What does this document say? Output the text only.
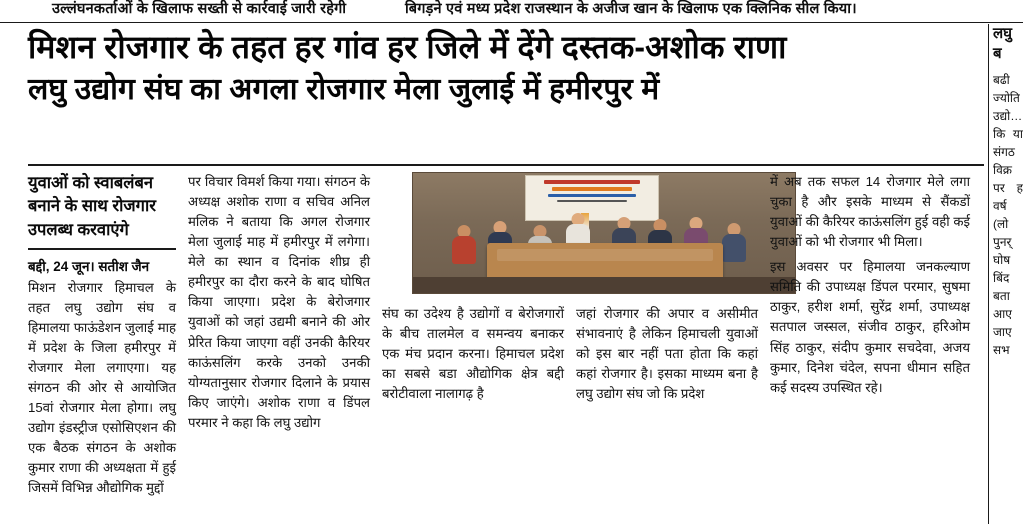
उल्लंघनकर्ताओं के खिलाफ सख्ती से कार्रवाई जारी रहेगी	बिगड़ने एवं मध्य प्रदेश राजस्थान के अजीज खान के खिलाफ एक क्लिनिक सील किया।
मिशन रोजगार के तहत हर गांव हर जिले में देंगे दस्तक-अशोक राणा
लघु उद्योग संघ का अगला रोजगार मेला जुलाई में हमीरपुर में
युवाओं को स्वाबलंबन बनाने के साथ रोजगार उपलब्ध करवाएंगे
बद्दी, 24 जून। सतीश जैन

मिशन रोजगार हिमाचल के तहत लघु उद्योग संघ व हिमालया फाऊंडेशन जुलाई माह में प्रदेश के जिला हमीरपुर में रोजगार मेला लगाएगा। यह संगठन की ओर से आयोजित 15वां रोजगार मेला होगा। लघु उद्योग इंडस्ट्रीज एसोसिएशन की एक बैठक संगठन के अशोक कुमार राणा की अध्यक्षता में हुई जिसमें विभिन्न औद्योगिक मुद्दों

पर विचार विमर्श किया गया। संगठन के अध्यक्ष अशोक राणा व सचिव अनिल मलिक ने बताया कि अगल रोजगार मेला जुलाई माह में हमीरपुर में लगेगा। मेले का स्थान व दिनांक शीघ्र ही हमीरपुर का दौरा करने के बाद घोषित किया जाएगा। प्रदेश के बेरोजगार युवाओं को जहां उद्यमी बनाने की ओर प्रेरित किया जाएगा वहीं उनकी कैरियर काऊंसलिंग करके उनको उनकी योग्यतानुसार रोजगार दिलाने के प्रयास किए जाएंगे। अशोक राणा व डिंपल परमार ने कहा कि लघु उद्योग

संघ का उदेश्य है उद्योगों व बेरोजगारों के बीच तालमेल व समन्वय बनाकर एक मंच प्रदान करना। हिमाचल प्रदेश का सबसे बडा औद्योगिक क्षेत्र बद्दी बरोटीवाला नालागढ़ है

जहां रोजगार की अपार व असीमीत संभावनाएं है लेकिन हिमाचली युवाओं को इस बार नहीं पता होता कि कहां कहां रोजगार है। इसका माध्यम बना है लघु उद्योग संघ जो कि प्रदेश

में अब तक सफल 14 रोजगार मेले लगा चुका है और इसके माध्यम से सैंकडों युवाओं की कैरियर काऊंसलिंग हुई वही कई युवाओं को भी रोजगार भी मिला।

इस अवसर पर हिमालया जनकल्याण समिति की उपाध्यक्ष डिंपल परमार, सुषमा ठाकुर, हरीश शर्मा, सुरेंद्र शर्मा, उपाध्यक्ष सतपाल जस्सल, संजीव ठाकुर, हरिओम सिंह ठाकुर, संदीप कुमार सचदेवा, अजय कुमार, दिनेश चंदेल, सपना धीमान सहित कई सदस्य उपस्थित रहे।

लघु ब
बढी ज्योति उद्यो… कि या संगठ विक्र पर ह वर्ष (लो पुनर् घोष बिंद बता आए जाए सभ
